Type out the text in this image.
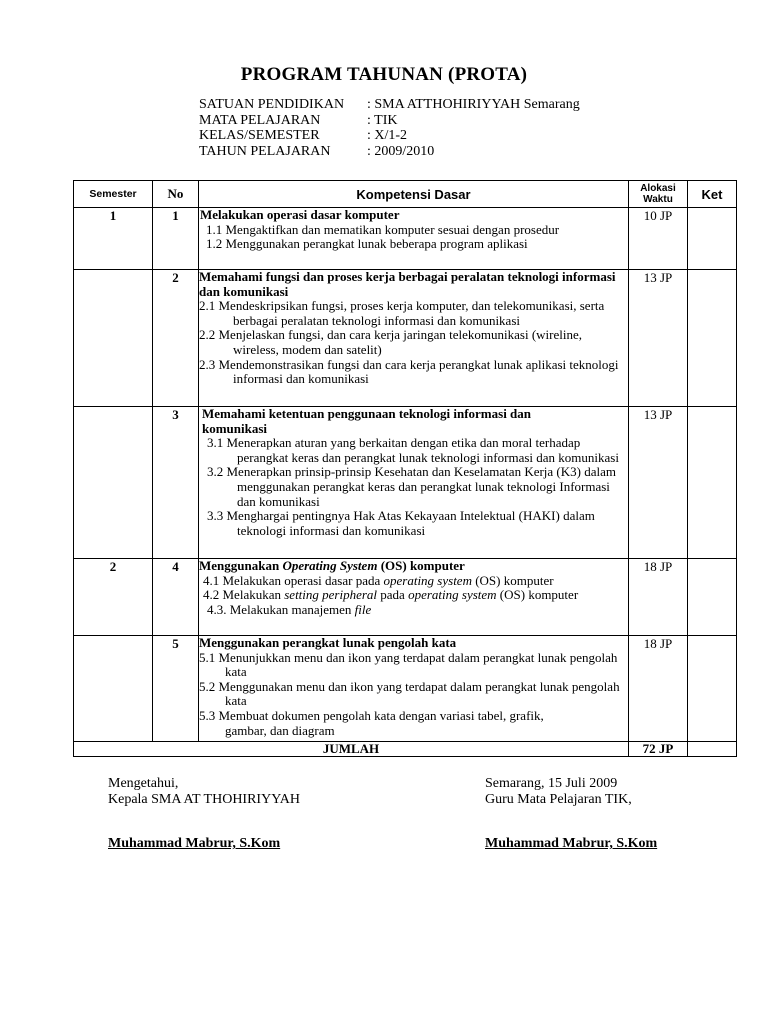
PROGRAM TAHUNAN (PROTA)
SATUAN PENDIDIKAN	: SMA ATTHOHIRIYYAH Semarang
MATA PELAJARAN	: TIK
KELAS/SEMESTER	: X/1-2
TAHUN PELAJARAN	: 2009/2010
Semester	No	Kompetensi Dasar	Alokasi
Waktu	Ket
1	1	Melakukan operasi dasar komputer
1.1 Mengaktifkan dan mematikan komputer sesuai dengan prosedur
1.2 Menggunakan perangkat lunak beberapa program aplikasi	10 JP	
	2	Memahami fungsi dan proses kerja berbagai peralatan teknologi informasi dan komunikasi
2.1 Mendeskripsikan fungsi, proses kerja komputer, dan telekomunikasi, serta berbagai peralatan teknologi informasi dan komunikasi
2.2 Menjelaskan fungsi, dan cara kerja jaringan telekomunikasi (wireline, wireless, modem dan satelit)
2.3 Mendemonstrasikan fungsi dan cara kerja perangkat lunak aplikasi teknologi informasi dan komunikasi	13 JP	
	3	Memahami ketentuan penggunaan teknologi informasi dan komunikasi
3.1 Menerapkan aturan yang berkaitan dengan etika dan moral terhadap perangkat keras dan perangkat lunak teknologi informasi dan komunikasi
3.2 Menerapkan prinsip-prinsip Kesehatan dan Keselamatan Kerja (K3) dalam menggunakan perangkat keras dan perangkat lunak teknologi Informasi dan komunikasi
3.3 Menghargai pentingnya Hak Atas Kekayaan Intelektual (HAKI) dalam teknologi informasi dan komunikasi	13 JP	
2	4	Menggunakan Operating System (OS) komputer
4.1 Melakukan operasi dasar pada operating system (OS) komputer
4.2 Melakukan setting peripheral pada operating system (OS) komputer
4.3. Melakukan manajemen file	18 JP	
	5	Menggunakan perangkat lunak pengolah kata
5.1 Menunjukkan menu dan ikon yang terdapat dalam perangkat lunak pengolah kata
5.2 Menggunakan menu dan ikon yang terdapat dalam perangkat lunak pengolah kata
5.3 Membuat dokumen pengolah kata dengan variasi tabel, grafik, gambar, dan diagram	18 JP	
JUMLAH			72 JP	
Mengetahui,
Kepala SMA AT THOHIRIYYAH
Muhammad Mabrur, S.Kom
Semarang, 15 Juli 2009
Guru Mata Pelajaran TIK,
Muhammad Mabrur, S.Kom
